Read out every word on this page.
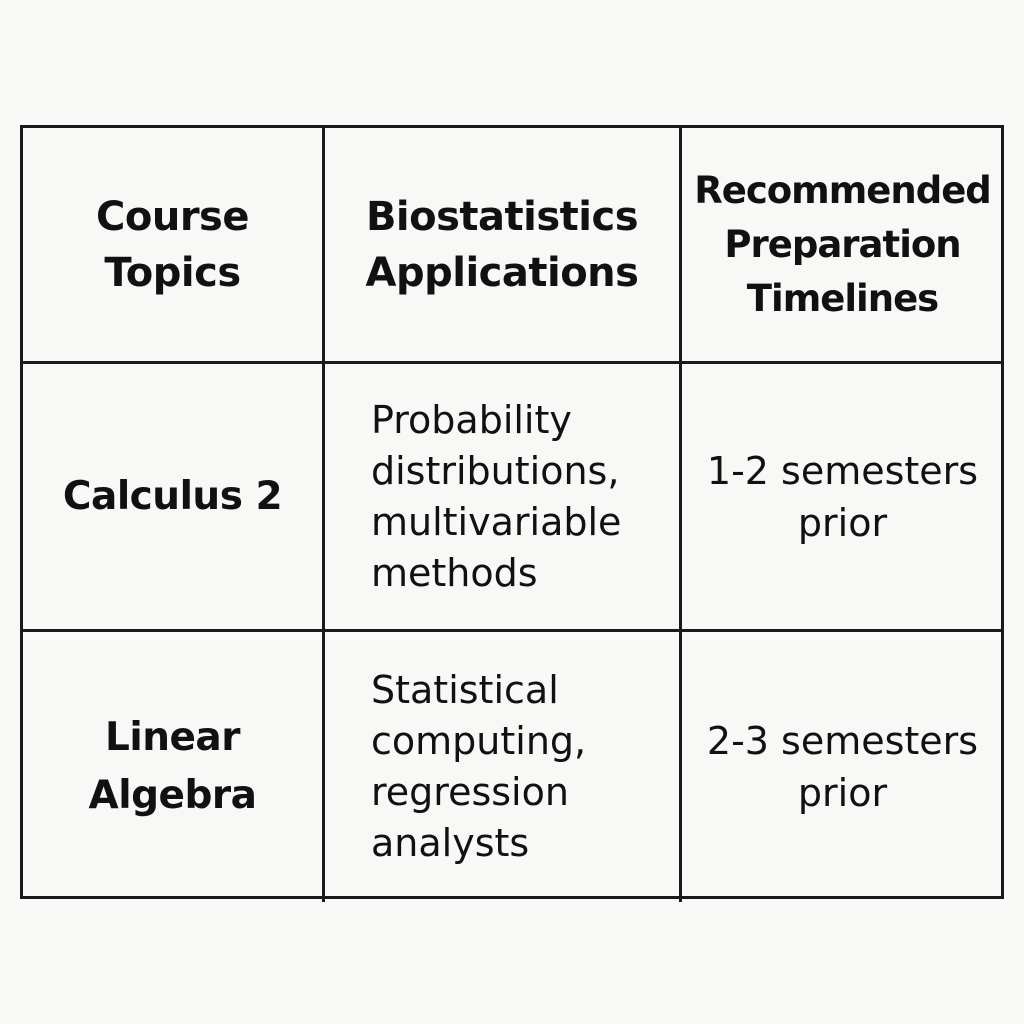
Course
Topics
Biostatistics
Applications
Recommended
Preparation
Timelines
Calculus 2
Probability
distributions,
multivariable
methods
1-2 semesters
prior
Linear
Algebra
Statistical
computing,
regression
analysts
2-3 semesters
prior
